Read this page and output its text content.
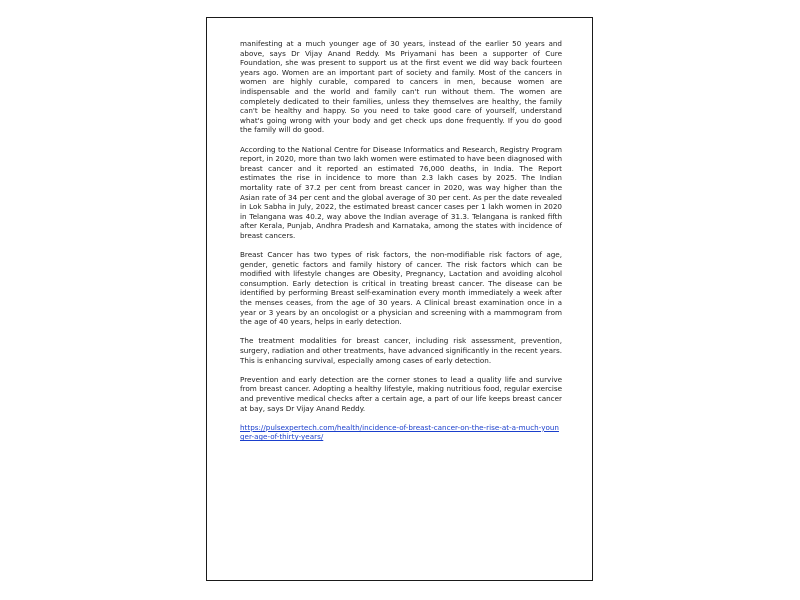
manifesting at a much younger age of 30 years, instead of the earlier 50 years and above, says Dr Vijay Anand Reddy. Ms Priyamani has been a supporter of Cure Foundation, she was present to support us at the first event we did way back fourteen years ago. Women are an important part of society and family. Most of the cancers in women are highly curable, compared to cancers in men, because women are indispensable and the world and family can't run without them. The women are completely dedicated to their families, unless they themselves are healthy, the family can't be healthy and happy. So you need to take good care of yourself, understand what's going wrong with your body and get check ups done frequently. If you do good the family will do good.

According to the National Centre for Disease Informatics and Research, Registry Program report, in 2020, more than two lakh women were estimated to have been diagnosed with breast cancer and it reported an estimated 76,000 deaths, in India. The Report estimates the rise in incidence to more than 2.3 lakh cases by 2025. The Indian mortality rate of 37.2 per cent from breast cancer in 2020, was way higher than the Asian rate of 34 per cent and the global average of 30 per cent. As per the date revealed in Lok Sabha in July, 2022, the estimated breast cancer cases per 1 lakh women in 2020 in Telangana was 40.2, way above the Indian average of 31.3. Telangana is ranked fifth after Kerala, Punjab, Andhra Pradesh and Karnataka, among the states with incidence of breast cancers.

Breast Cancer has two types of risk factors, the non-modifiable risk factors of age, gender, genetic factors and family history of cancer. The risk factors which can be modified with lifestyle changes are Obesity, Pregnancy, Lactation and avoiding alcohol consumption. Early detection is critical in treating breast cancer. The disease can be identified by performing Breast self-examination every month immediately a week after the menses ceases, from the age of 30 years. A Clinical breast examination once in a year or 3 years by an oncologist or a physician and screening with a mammogram from the age of 40 years, helps in early detection.

The treatment modalities for breast cancer, including risk assessment, prevention, surgery, radiation and other treatments, have advanced significantly in the recent years. This is enhancing survival, especially among cases of early detection.

Prevention and early detection are the corner stones to lead a quality life and survive from breast cancer. Adopting a healthy lifestyle, making nutritious food, regular exercise and preventive medical checks after a certain age, a part of our life keeps breast cancer at bay, says Dr Vijay Anand Reddy.

https://pulsexpertech.com/health/incidence-of-breast-cancer-on-the-rise-at-a-much-younger-age-of-thirty-years/
